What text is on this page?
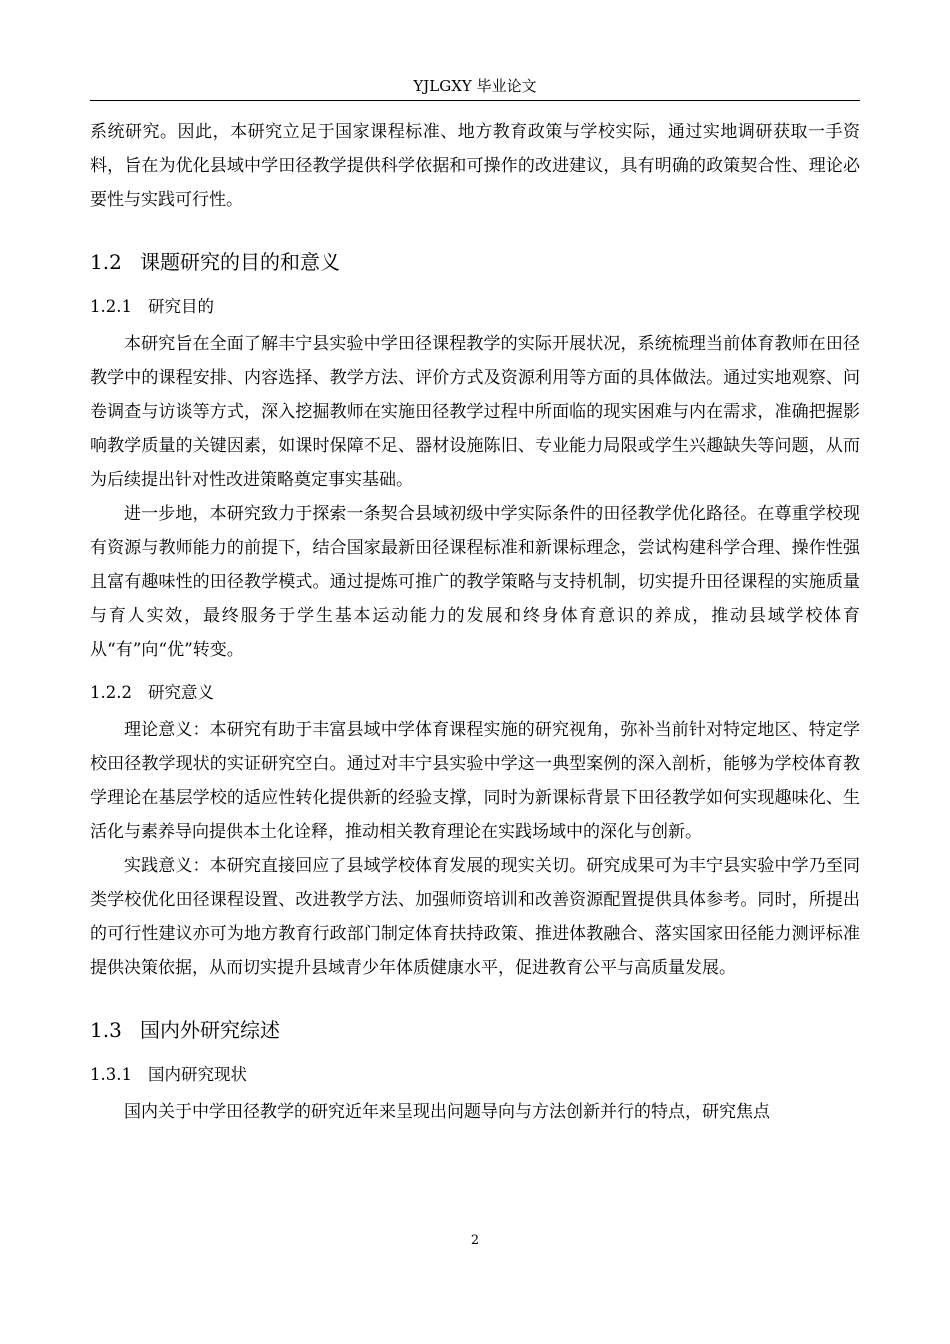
YJLGXY 毕业论文

系统研究。因此，本研究立足于国家课程标准、地方教育政策与学校实际，通过实地调研获取一手资料，旨在为优化县域中学田径教学提供科学依据和可操作的改进建议，具有明确的政策契合性、理论必要性与实践可行性。

1.2 课题研究的目的和意义
1.2.1 研究目的

本研究旨在全面了解丰宁县实验中学田径课程教学的实际开展状况，系统梳理当前体育教师在田径教学中的课程安排、内容选择、教学方法、评价方式及资源利用等方面的具体做法。通过实地观察、问卷调查与访谈等方式，深入挖掘教师在实施田径教学过程中所面临的现实困难与内在需求，准确把握影响教学质量的关键因素，如课时保障不足、器材设施陈旧、专业能力局限或学生兴趣缺失等问题，从而为后续提出针对性改进策略奠定事实基础。

进一步地，本研究致力于探索一条契合县域初级中学实际条件的田径教学优化路径。在尊重学校现有资源与教师能力的前提下，结合国家最新田径课程标准和新课标理念，尝试构建科学合理、操作性强且富有趣味性的田径教学模式。通过提炼可推广的教学策略与支持机制，切实提升田径课程的实施质量与育人实效，最终服务于学生基本运动能力的发展和终身体育意识的养成，推动县域学校体育从“有”向“优”转变。

1.2.2 研究意义

理论意义：本研究有助于丰富县域中学体育课程实施的研究视角，弥补当前针对特定地区、特定学校田径教学现状的实证研究空白。通过对丰宁县实验中学这一典型案例的深入剖析，能够为学校体育教学理论在基层学校的适应性转化提供新的经验支撑，同时为新课标背景下田径教学如何实现趣味化、生活化与素养导向提供本土化诠释，推动相关教育理论在实践场域中的深化与创新。

实践意义：本研究直接回应了县域学校体育发展的现实关切。研究成果可为丰宁县实验中学乃至同类学校优化田径课程设置、改进教学方法、加强师资培训和改善资源配置提供具体参考。同时，所提出的可行性建议亦可为地方教育行政部门制定体育扶持政策、推进体教融合、落实国家田径能力测评标准提供决策依据，从而切实提升县域青少年体质健康水平，促进教育公平与高质量发展。

1.3 国内外研究综述
1.3.1 国内研究现状

国内关于中学田径教学的研究近年来呈现出问题导向与方法创新并行的特点，研究焦点

2
